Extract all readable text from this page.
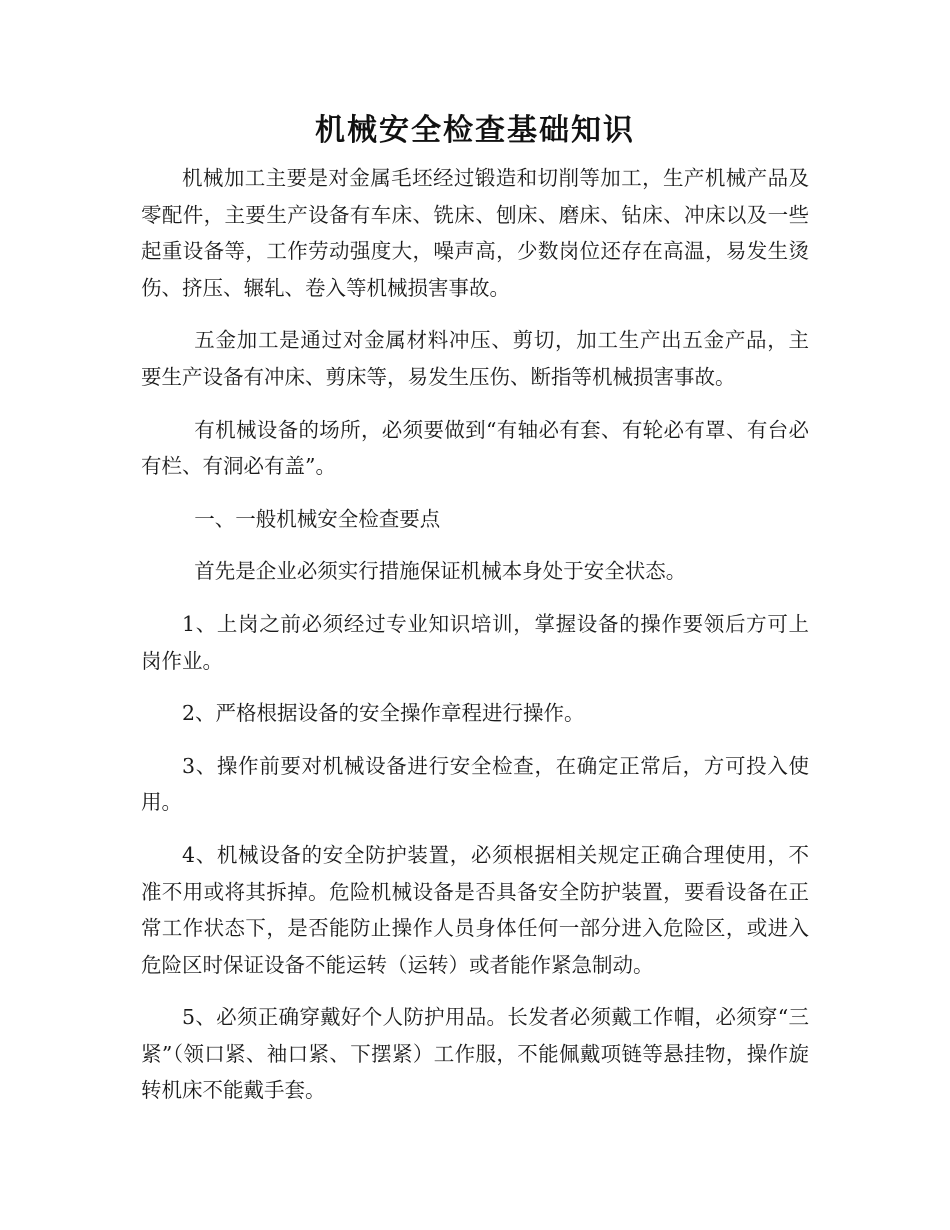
机械安全检查基础知识

机械加工主要是对金属毛坯经过锻造和切削等加工，生产机械产品及零配件，主要生产设备有车床、铣床、刨床、磨床、钻床、冲床以及一些起重设备等，工作劳动强度大，噪声高，少数岗位还存在高温，易发生烫伤、挤压、辗轧、卷入等机械损害事故。

五金加工是通过对金属材料冲压、剪切，加工生产出五金产品，主要生产设备有冲床、剪床等，易发生压伤、断指等机械损害事故。

有机械设备的场所，必须要做到“有轴必有套、有轮必有罩、有台必有栏、有洞必有盖”。

一、一般机械安全检查要点

首先是企业必须实行措施保证机械本身处于安全状态。

1、上岗之前必须经过专业知识培训，掌握设备的操作要领后方可上岗作业。

2、严格根据设备的安全操作章程进行操作。

3、操作前要对机械设备进行安全检查，在确定正常后，方可投入使用。

4、机械设备的安全防护装置，必须根据相关规定正确合理使用，不准不用或将其拆掉。危险机械设备是否具备安全防护装置，要看设备在正常工作状态下，是否能防止操作人员身体任何一部分进入危险区，或进入危险区时保证设备不能运转（运转）或者能作紧急制动。

5、必须正确穿戴好个人防护用品。长发者必须戴工作帽，必须穿“三紧”（领口紧、袖口紧、下摆紧）工作服，不能佩戴项链等悬挂物，操作旋转机床不能戴手套。
